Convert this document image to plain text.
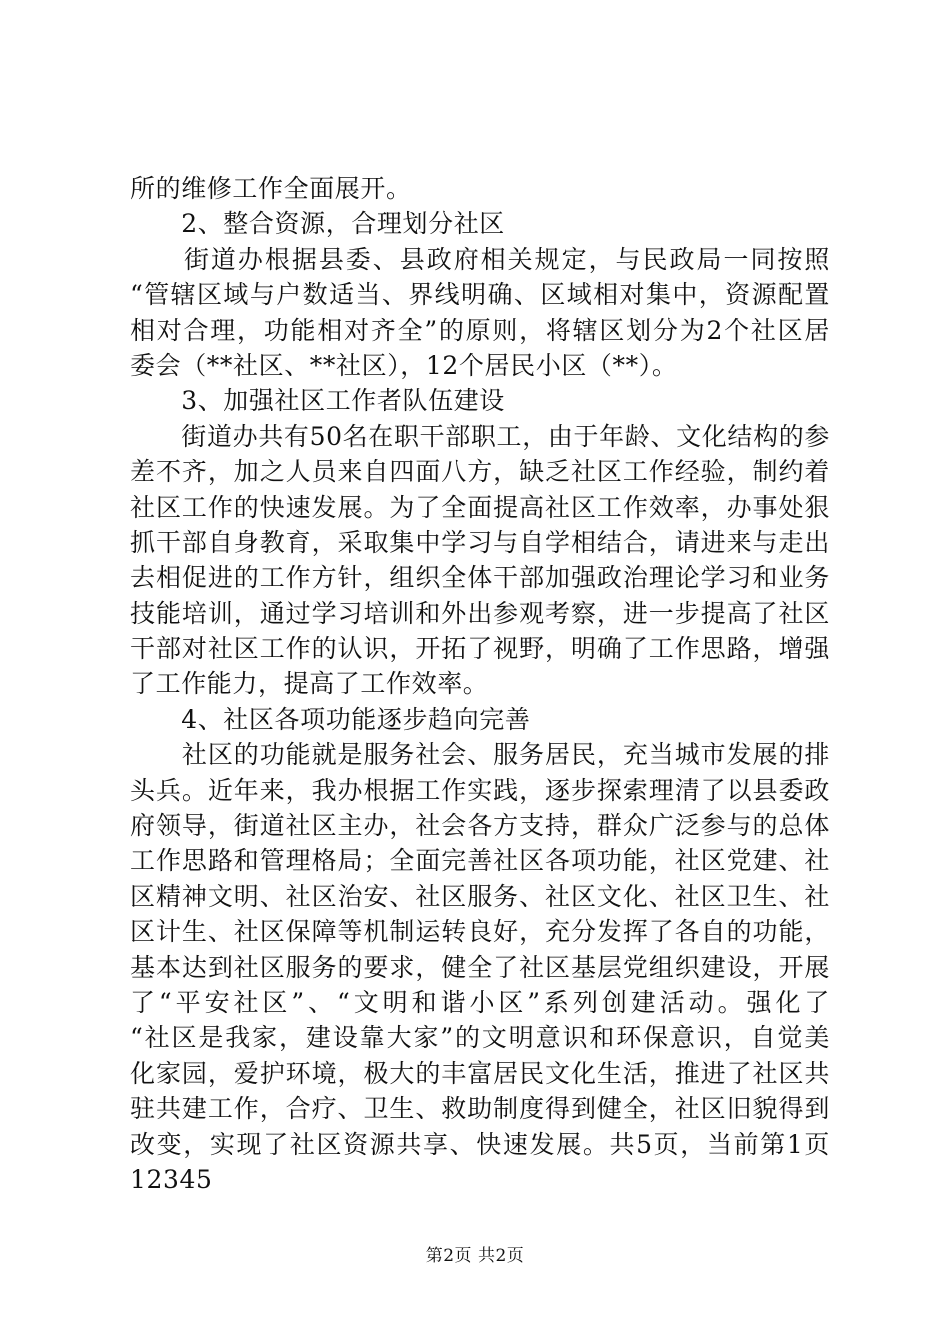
所的维修工作全面展开。
　　2、整合资源，合理划分社区
　　街道办根据县委、县政府相关规定，与民政局一同按照
“管辖区域与户数适当、界线明确、区域相对集中，资源配置
相对合理，功能相对齐全”的原则，将辖区划分为2个社区居
委会（**社区、**社区），12个居民小区（**）。
　　3、加强社区工作者队伍建设
　　街道办共有50名在职干部职工，由于年龄、文化结构的参
差不齐，加之人员来自四面八方，缺乏社区工作经验，制约着
社区工作的快速发展。为了全面提高社区工作效率，办事处狠
抓干部自身教育，采取集中学习与自学相结合，请进来与走出
去相促进的工作方针，组织全体干部加强政治理论学习和业务
技能培训，通过学习培训和外出参观考察，进一步提高了社区
干部对社区工作的认识，开拓了视野，明确了工作思路，增强
了工作能力，提高了工作效率。
　　4、社区各项功能逐步趋向完善
　　社区的功能就是服务社会、服务居民，充当城市发展的排
头兵。近年来，我办根据工作实践，逐步探索理清了以县委政
府领导，街道社区主办，社会各方支持，群众广泛参与的总体
工作思路和管理格局；全面完善社区各项功能，社区党建、社
区精神文明、社区治安、社区服务、社区文化、社区卫生、社
区计生、社区保障等机制运转良好，充分发挥了各自的功能，
基本达到社区服务的要求，健全了社区基层党组织建设，开展
了“平安社区”、“文明和谐小区”系列创建活动。强化了
“社区是我家，建设靠大家”的文明意识和环保意识，自觉美
化家园，爱护环境，极大的丰富居民文化生活，推进了社区共
驻共建工作，合疗、卫生、救助制度得到健全，社区旧貌得到
改变，实现了社区资源共享、快速发展。共5页，当前第1页
12345
第2页 共2页
